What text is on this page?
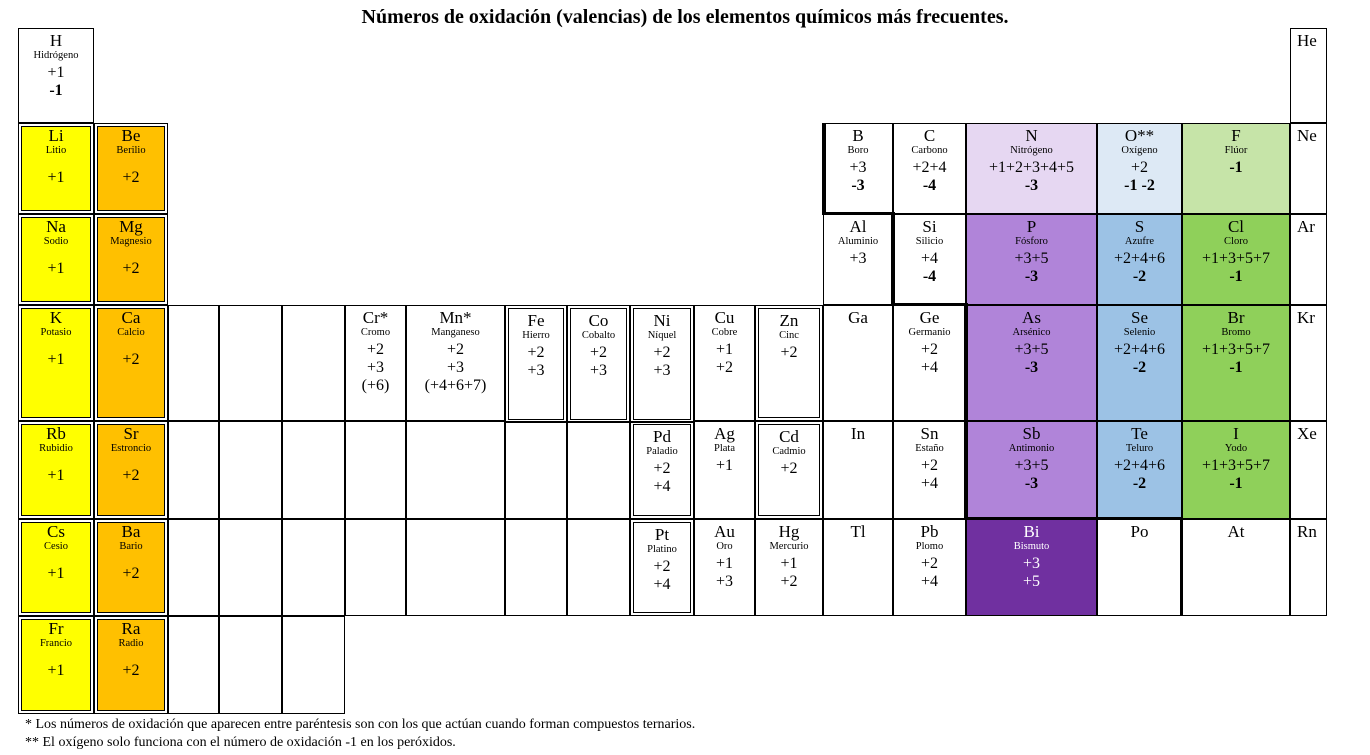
Números de oxidación (valencias) de los elementos químicos más frecuentes.
H
Hidrógeno
+1
-1
Li
Litio
+1
Na
Sodio
+1
K
Potasio
+1
Rb
Rubidio
+1
Cs
Cesio
+1
Fr
Francio
+1
Be
Berilio
+2
Mg
Magnesio
+2
Ca
Calcio
+2
Sr
Estroncio
+2
Ba
Bario
+2
Ra
Radio
+2
Cr*
Cromo
+2
+3
(+6)
Mn*
Manganeso
+2
+3
(+4+6+7)
Fe
Hierro
+2
+3
Co
Cobalto
+2
+3
Ni
Níquel
+2
+3
Cu
Cobre
+1
+2
Zn
Cinc
+2
Pd
Paladio
+2
+4
Ag
Plata
+1
Cd
Cadmio
+2
Pt
Platino
+2
+4
Au
Oro
+1
+3
Hg
Mercurio
+1
+2
B
Boro
+3
-3
Al
Aluminio
+3
Ga
In
Tl
C
Carbono
+2+4
-4
Si
Silicio
+4
-4
Ge
Germanio
+2
+4
Sn
Estaño
+2
+4
Pb
Plomo
+2
+4
N
Nitrógeno
+1+2+3+4+5
-3
P
Fósforo
+3+5
-3
As
Arsénico
+3+5
-3
Sb
Antimonio
+3+5
-3
Bi
Bismuto
+3
+5
O**
Oxígeno
+2
-1 -2
S
Azufre
+2+4+6
-2
Se
Selenio
+2+4+6
-2
Te
Teluro
+2+4+6
-2
Po
F
Flúor
-1
Cl
Cloro
+1+3+5+7
-1
Br
Bromo
+1+3+5+7
-1
I
Yodo
+1+3+5+7
-1
At
He
Ne
Ar
Kr
Xe
Rn
* Los números de oxidación que aparecen entre paréntesis son con los que actúan cuando forman compuestos ternarios.
** El oxígeno solo funciona con el número de oxidación -1 en los peróxidos.
